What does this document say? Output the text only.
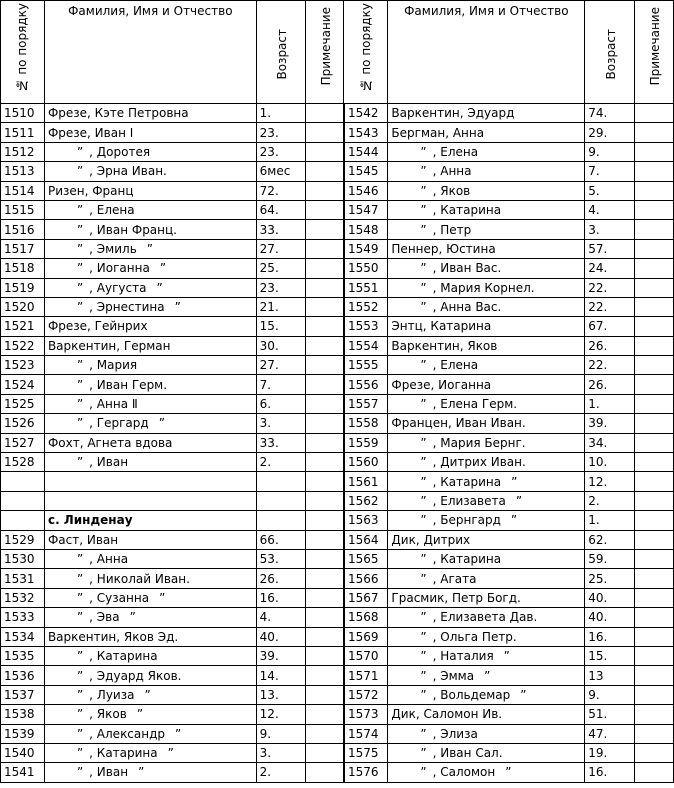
№ по порядку	Фамилия, Имя и Отчество	Возраст	Примечание	№ по порядку	Фамилия, Имя и Отчество	Возраст	Примечание
1510	Фрезе, Кэте Петровна	1.		1542	Варкентин, Эдуард	74.	
1511	Фрезе, Иван Ⅰ	23.		1543	Бергман, Анна	29.	
1512	” , Доротея	23.		1544	” , Елена	9.	
1513	” , Эрна Иван.	6мес		1545	” , Анна	7.	
1514	Ризен, Франц	72.		1546	” , Яков	5.	
1515	” , Елена	64.		1547	” , Катарина	4.	
1516	” , Иван Франц.	33.		1548	” , Петр	3.	
1517	” , Эмиль ”	27.		1549	Пеннер, Юстина	57.	
1518	” , Иоганна ”	25.		1550	” , Иван Вас.	24.	
1519	” , Аугуста ”	23.		1551	” , Мария Корнел.	22.	
1520	” , Эрнестина ”	21.		1552	” , Анна Вас.	22.	
1521	Фрезе, Гейнрих	15.		1553	Энтц, Катарина	67.	
1522	Варкентин, Герман	30.		1554	Варкентин, Яков	26.	
1523	” , Мария	27.		1555	” , Елена	22.	
1524	” , Иван Герм.	7.		1556	Фрезе, Иоганна	26.	
1525	” , Анна Ⅱ	6.		1557	” , Елена Герм.	1.	
1526	” , Гергард ”	3.		1558	Францен, Иван Иван.	39.	
1527	Фохт, Агнета вдова	33.		1559	” , Мария Бернг.	34.	
1528	” , Иван	2.		1560	” , Дитрих Иван.	10.	
				1561	” , Катарина ”	12.	
				1562	” , Елизавета ”	2.	
	с. Линденау			1563	” , Бернгард ”	1.	
1529	Фаст, Иван	66.		1564	Дик, Дитрих	62.	
1530	” , Анна	53.		1565	” , Катарина	59.	
1531	” , Николай Иван.	26.		1566	” , Агата	25.	
1532	” , Сузанна ”	16.		1567	Грасмик, Петр Богд.	40.	
1533	” , Эва ”	4.		1568	” , Елизавета Дав.	40.	
1534	Варкентин, Яков Эд.	40.		1569	” , Ольга Петр.	16.	
1535	” , Катарина	39.		1570	” , Наталия ”	15.	
1536	” , Эдуард Яков.	14.		1571	” , Эмма ”	13	
1537	” , Луиза ”	13.		1572	” , Вольдемар ”	9.	
1538	” , Яков ”	12.		1573	Дик, Саломон Ив.	51.	
1539	” , Александр ”	9.		1574	” , Элиза	47.	
1540	” , Катарина ”	3.		1575	” , Иван Сал.	19.	
1541	” , Иван ”	2.		1576	” , Саломон ”	16.	
